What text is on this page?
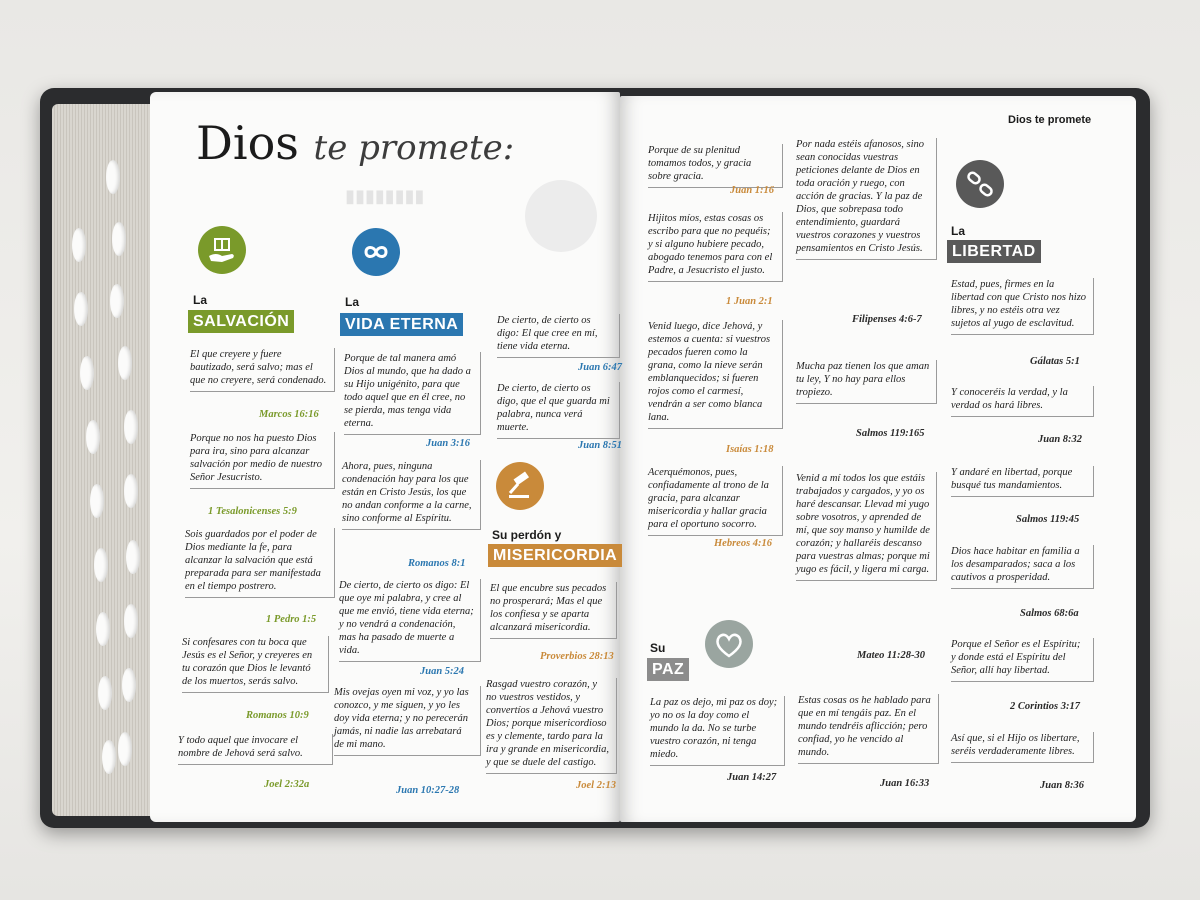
▮▮▮▮▮▮▮▮
Dios te promete:
Dios te promete
La
SALVACIÓN
La
VIDA ETERNA
Su perdón y
MISERICORDIA
Su
PAZ
La
LIBERTAD
El que creyere y fuere bautizado, será salvo; mas el que no creyere, será condenado.
Marcos 16:16
Porque no nos ha puesto Dios para ira, sino para alcanzar salvación por medio de nuestro Señor Jesucristo.
1 Tesalonicenses 5:9
Sois guardados por el poder de Dios mediante la fe, para alcanzar la salvación que está preparada para ser manifestada en el tiempo postrero.
1 Pedro 1:5
Si confesares con tu boca que Jesús es el Señor, y creyeres en tu corazón que Dios le levantó de los muertos, serás salvo.
Romanos 10:9
Y todo aquel que invocare el nombre de Jehová será salvo.
Joel 2:32a
Porque de tal manera amó Dios al mundo, que ha dado a su Hijo unigénito, para que todo aquel que en él cree, no se pierda, mas tenga vida eterna.
Juan 3:16
Ahora, pues, ninguna condenación hay para los que están en Cristo Jesús, los que no andan conforme a la carne, sino conforme al Espíritu.
Romanos 8:1
De cierto, de cierto os digo: El que oye mi palabra, y cree al que me envió, tiene vida eterna; y no vendrá a condenación, mas ha pasado de muerte a vida.
Juan 5:24
Mis ovejas oyen mi voz, y yo las conozco, y me siguen, y yo les doy vida eterna; y no perecerán jamás, ni nadie las arrebatará de mi mano.
Juan 10:27-28
De cierto, de cierto os digo: El que cree en mí, tiene vida eterna.
Juan 6:47
De cierto, de cierto os digo, que el que guarda mi palabra, nunca verá muerte.
Juan 8:51
El que encubre sus pecados no prosperará; Mas el que los confiesa y se aparta alcanzará misericordia.
Proverbios 28:13
Rasgad vuestro corazón, y no vuestros vestidos, y convertíos a Jehová vuestro Dios; porque misericordioso es y clemente, tardo para la ira y grande en misericordia, y que se duele del castigo.
Joel 2:13
Porque de su plenitud tomamos todos, y gracia sobre gracia.
Juan 1:16
Hijitos míos, estas cosas os escribo para que no pequéis; y si alguno hubiere pecado, abogado tenemos para con el Padre, a Jesucristo el justo.
1 Juan 2:1
Venid luego, dice Jehová, y estemos a cuenta: si vuestros pecados fueren como la grana, como la nieve serán emblanquecidos; si fueren rojos como el carmesí, vendrán a ser como blanca lana.
Isaías 1:18
Acerquémonos, pues, confiadamente al trono de la gracia, para alcanzar misericordia y hallar gracia para el oportuno socorro.
Hebreos 4:16
La paz os dejo, mi paz os doy; yo no os la doy como el mundo la da. No se turbe vuestro corazón, ni tenga miedo.
Juan 14:27
Por nada estéis afanosos, sino sean conocidas vuestras peticiones delante de Dios en toda oración y ruego, con acción de gracias. Y la paz de Dios, que sobrepasa todo entendimiento, guardará vuestros corazones y vuestros pensamientos en Cristo Jesús.
Filipenses 4:6-7
Mucha paz tienen los que aman tu ley, Y no hay para ellos tropiezo.
Salmos 119:165
Venid a mí todos los que estáis trabajados y cargados, y yo os haré descansar. Llevad mi yugo sobre vosotros, y aprended de mí, que soy manso y humilde de corazón; y hallaréis descanso para vuestras almas; porque mi yugo es fácil, y ligera mi carga.
Mateo 11:28-30
Estas cosas os he hablado para que en mí tengáis paz. En el mundo tendréis aflicción; pero confiad, yo he vencido al mundo.
Juan 16:33
Estad, pues, firmes en la libertad con que Cristo nos hizo libres, y no estéis otra vez sujetos al yugo de esclavitud.
Gálatas 5:1
Y conoceréis la verdad, y la verdad os hará libres.
Juan 8:32
Y andaré en libertad, porque busqué tus mandamientos.
Salmos 119:45
Dios hace habitar en familia a los desamparados; saca a los cautivos a prosperidad.
Salmos 68:6a
Porque el Señor es el Espíritu; y donde está el Espíritu del Señor, allí hay libertad.
2 Corintios 3:17
Así que, si el Hijo os libertare, seréis verdaderamente libres.
Juan 8:36
